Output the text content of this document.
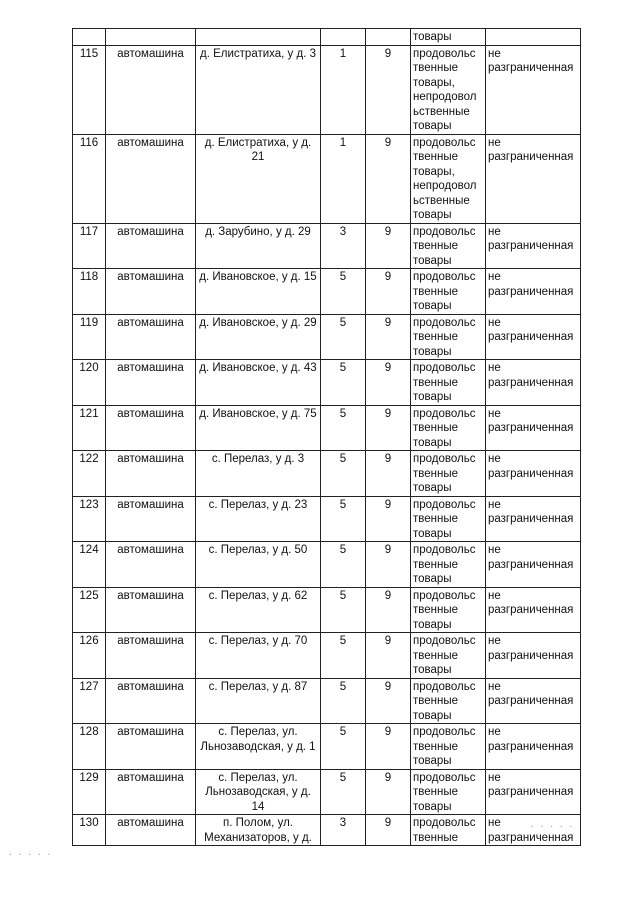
					товары	
115	автомашина	д. Елистратиха, у д. 3	1	9	продовольс твенные товары, непродовол ьственные товары	не разграниченная
116	автомашина	д. Елистратиха, у д. 21	1	9	продовольс твенные товары, непродовол ьственные товары	не разграниченная
117	автомашина	д. Зарубино, у д. 29	3	9	продовольс твенные товары	не разграниченная
118	автомашина	д. Ивановское, у д. 15	5	9	продовольс твенные товары	не разграниченная
119	автомашина	д. Ивановское, у д. 29	5	9	продовольс твенные товары	не разграниченная
120	автомашина	д. Ивановское, у д. 43	5	9	продовольс твенные товары	не разграниченная
121	автомашина	д. Ивановское, у д. 75	5	9	продовольс твенные товары	не разграниченная
122	автомашина	с. Перелаз, у д. 3	5	9	продовольс твенные товары	не разграниченная
123	автомашина	с. Перелаз, у д. 23	5	9	продовольс твенные товары	не разграниченная
124	автомашина	с. Перелаз, у д. 50	5	9	продовольс твенные товары	не разграниченная
125	автомашина	с. Перелаз, у д. 62	5	9	продовольс твенные товары	не разграниченная
126	автомашина	с. Перелаз, у д. 70	5	9	продовольс твенные товары	не разграниченная
127	автомашина	с. Перелаз, у д. 87	5	9	продовольс твенные товары	не разграниченная
128	автомашина	с. Перелаз, ул. Льнозаводская, у д. 1	5	9	продовольс твенные товары	не разграниченная
129	автомашина	с. Перелаз, ул. Льнозаводская, у д. 14	5	9	продовольс твенные товары	не разграниченная
130	автомашина	п. Полом, ул. Механизаторов, у д.	3	9	продовольс твенные	не разграниченная
. . . . .
. . . . .
